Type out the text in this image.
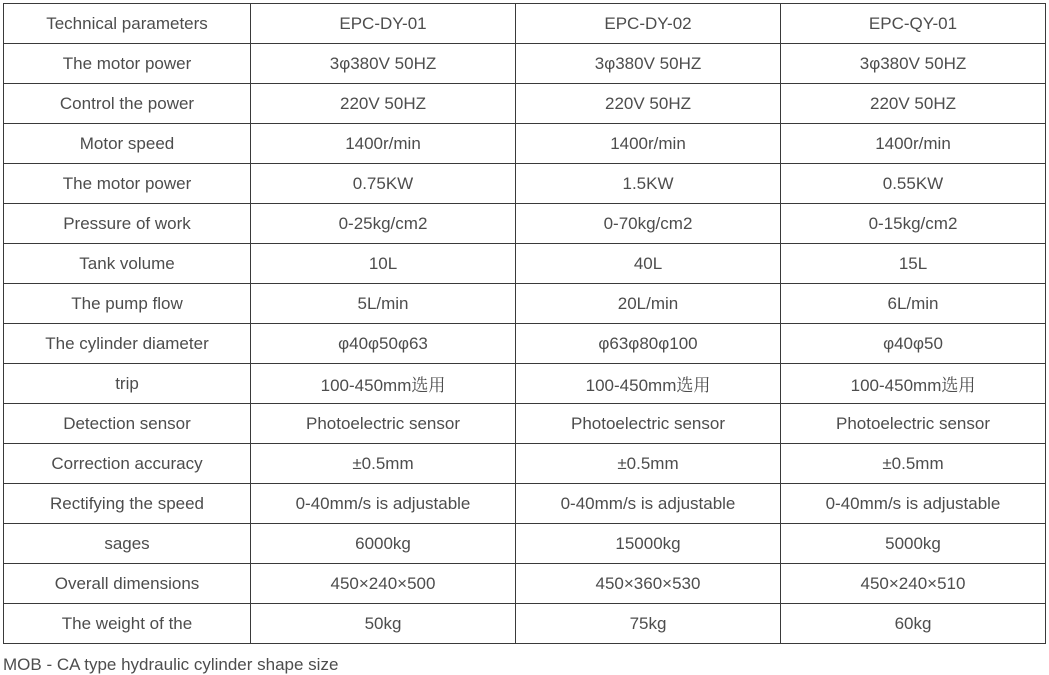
Technical parameters	EPC-DY-01	EPC-DY-02	EPC-QY-01
The motor power	3φ380V 50HZ	3φ380V 50HZ	3φ380V 50HZ
Control the power	220V 50HZ	220V 50HZ	220V 50HZ
Motor speed	1400r/min	1400r/min	1400r/min
The motor power	0.75KW	1.5KW	0.55KW
Pressure of work	0-25kg/cm2	0-70kg/cm2	0-15kg/cm2
Tank volume	10L	40L	15L
The pump flow	5L/min	20L/min	6L/min
The cylinder diameter	φ40φ50φ63	φ63φ80φ100	φ40φ50
trip	100-450mm选用	100-450mm选用	100-450mm选用
Detection sensor	Photoelectric sensor	Photoelectric sensor	Photoelectric sensor
Correction accuracy	±0.5mm	±0.5mm	±0.5mm
Rectifying the speed	0-40mm/s is adjustable	0-40mm/s is adjustable	0-40mm/s is adjustable
sages	6000kg	15000kg	5000kg
Overall dimensions	450×240×500	450×360×530	450×240×510
The weight of the	50kg	75kg	60kg
MOB - CA type hydraulic cylinder shape size
